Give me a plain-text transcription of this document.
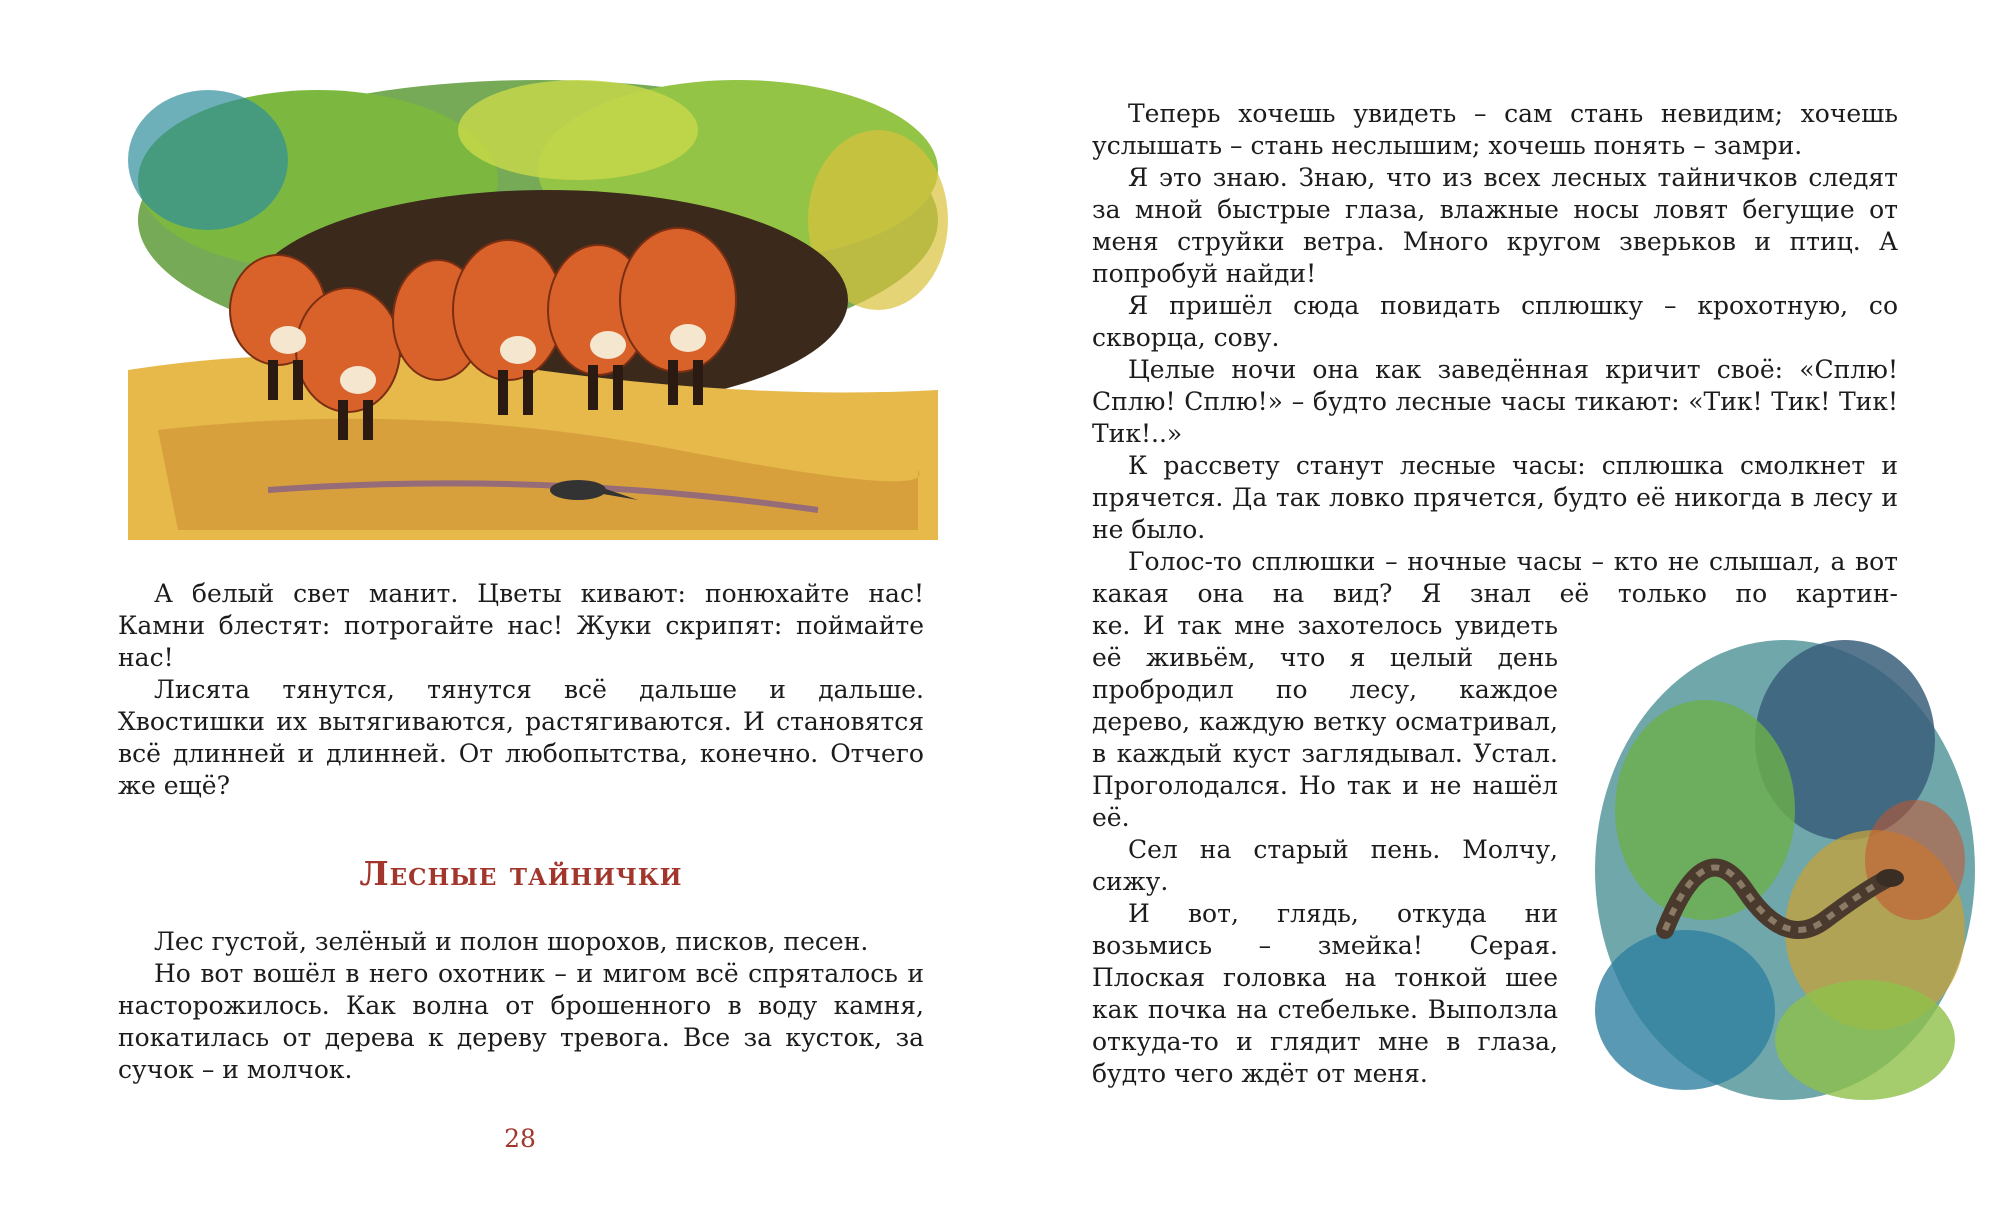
А белый свет манит. Цветы кивают: понюхайте нас! Камни блестят: потрогайте нас! Жуки скрипят: поймайте нас!

Лисята тянутся, тянутся всё дальше и дальше. Хвостишки их вытягиваются, растягиваются. И становятся всё длинней и длинней. От любопытства, конечно. Отчего же ещё?

Лесные тайнички

Лес густой, зелёный и полон шорохов, писков, песен.

Но вот вошёл в него охотник – и мигом всё спряталось и насторожилось. Как волна от брошенного в воду камня, покатилась от дерева к дереву тревога. Все за кусток, за сучок – и молчок.

28

Теперь хочешь увидеть – сам стань невидим; хочешь услышать – стань неслышим; хочешь понять – замри.

Я это знаю. Знаю, что из всех лесных тайничков следят за мной быстрые глаза, влажные носы ловят бегущие от меня струйки ветра. Много кругом зверьков и птиц. А попробуй найди!

Я пришёл сюда повидать сплюшку – крохотную, со скворца, сову.

Целые ночи она как заведённая кричит своё: «Сплю! Сплю! Сплю!» – будто лесные часы тикают: «Тик! Тик! Тик! Тик!..»

К рассвету станут лесные часы: сплюшка смолкнет и прячется. Да так ловко прячется, будто её никогда в лесу и не было.

Голос-то сплюшки – ночные часы – кто не слышал, а вот какая она на вид? Я знал её только по картин-

ке. И так мне захотелось увидеть её живьём, что я целый день пробродил по лесу, каждое дерево, каждую ветку осматривал, в каждый куст заглядывал. Устал. Проголодался. Но так и не нашёл её.

Сел на старый пень. Молчу, сижу.

И вот, глядь, откуда ни возьмись – змейка! Серая. Плоская головка на тонкой шее как почка на стебельке. Выползла откуда-то и глядит мне в глаза, будто чего ждёт от меня.
